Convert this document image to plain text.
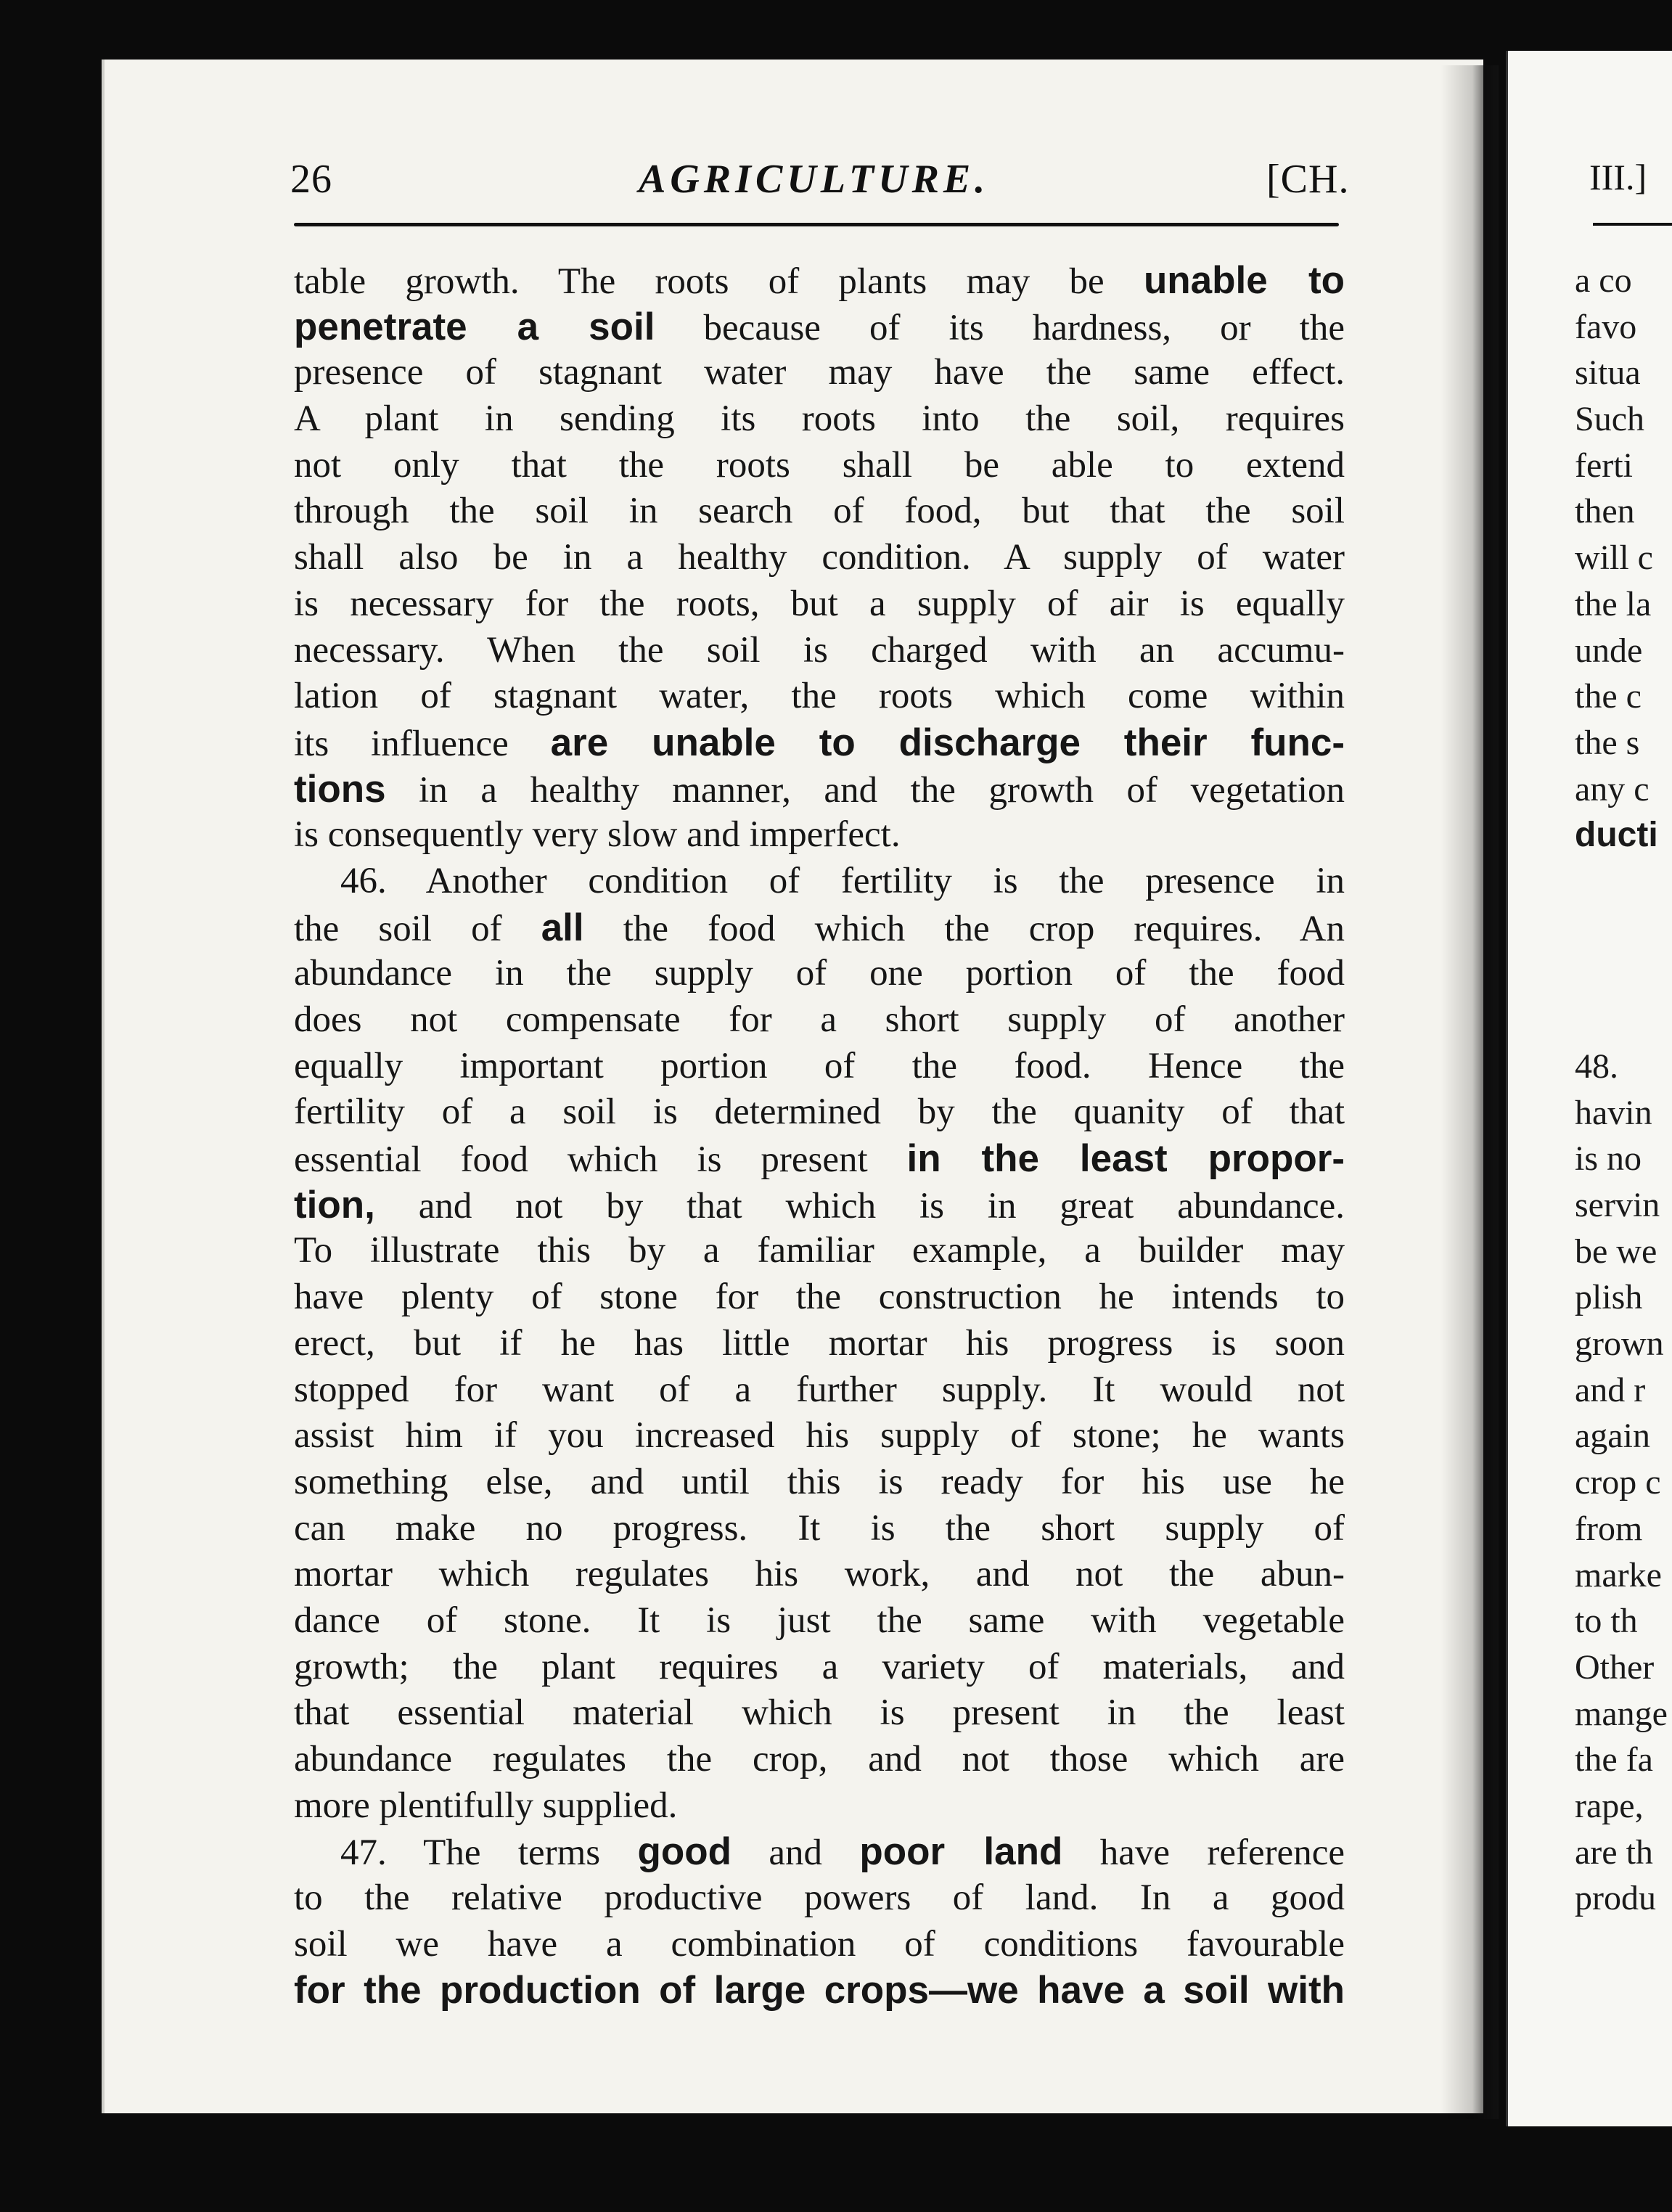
26	AGRICULTURE.	[CH.
table growth. The roots of plants may be unable to
penetrate a soil because of its hardness, or the
presence of stagnant water may have the same effect.
A plant in sending its roots into the soil, requires
not only that the roots shall be able to extend
through the soil in search of food, but that the soil
shall also be in a healthy condition. A supply of water
is necessary for the roots, but a supply of air is equally
necessary. When the soil is charged with an accumu-
lation of stagnant water, the roots which come within
its influence are unable to discharge their func-
tions in a healthy manner, and the growth of vegetation
is consequently very slow and imperfect.
46. Another condition of fertility is the presence in
the soil of all the food which the crop requires. An
abundance in the supply of one portion of the food
does not compensate for a short supply of another
equally important portion of the food. Hence the
fertility of a soil is determined by the quanity of that
essential food which is present in the least propor-
tion, and not by that which is in great abundance.
To illustrate this by a familiar example, a builder may
have plenty of stone for the construction he intends to
erect, but if he has little mortar his progress is soon
stopped for want of a further supply. It would not
assist him if you increased his supply of stone; he wants
something else, and until this is ready for his use he
can make no progress. It is the short supply of
mortar which regulates his work, and not the abun-
dance of stone. It is just the same with vegetable
growth; the plant requires a variety of materials, and
that essential material which is present in the least
abundance regulates the crop, and not those which are
more plentifully supplied.
47. The terms good and poor land have reference
to the relative productive powers of land. In a good
soil we have a combination of conditions favourable
for the production of large crops—we have a soil with
III.]
a co
favo
situa
Such
ferti
then
will c
the la
unde
the c
the s
any c
ducti
48.
havin
is no
servin
be we
plish
grown
and r
again
crop c
from
marke
to th
Other
mange
the fa
rape,
are th
produ
